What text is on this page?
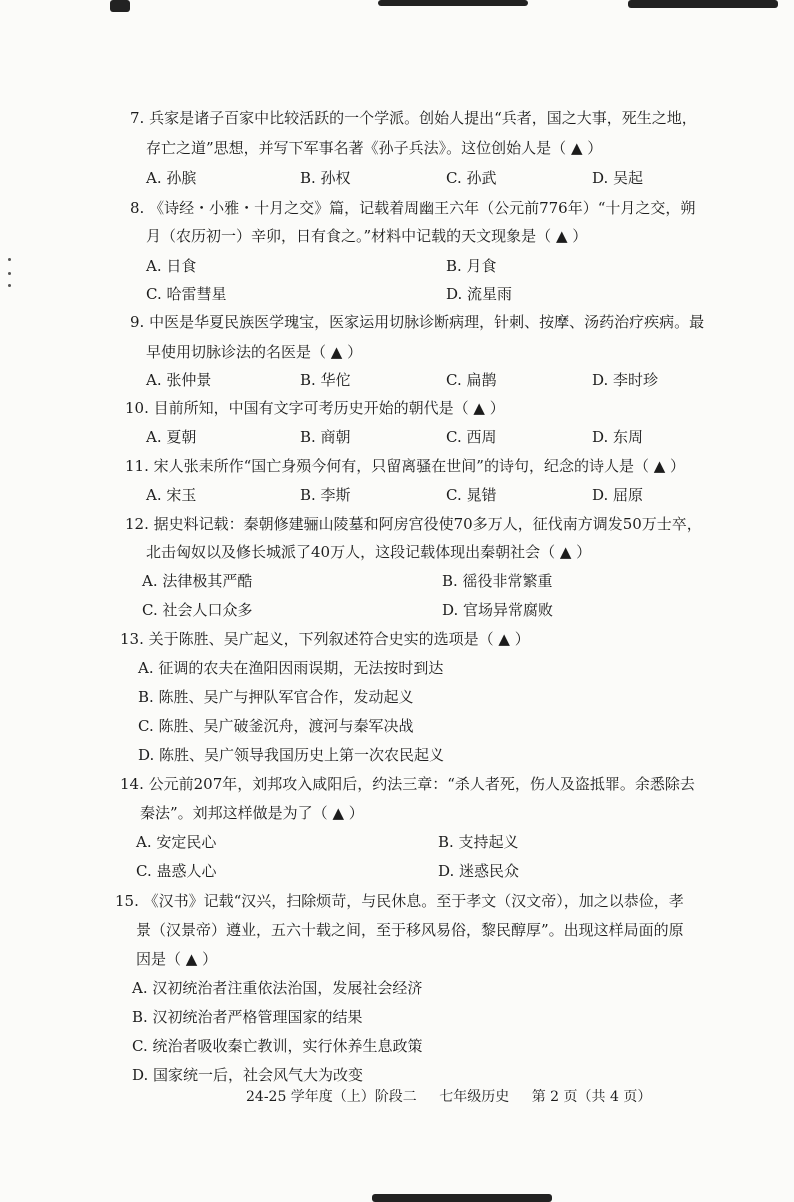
7. 兵家是诸子百家中比较活跃的一个学派。创始人提出“兵者，国之大事，死生之地，
存亡之道”思想，并写下军事名著《孙子兵法》。这位创始人是（ ▲ ）
A. 孙膑	B. 孙权	C. 孙武	D. 吴起
8. 《诗经・小雅・十月之交》篇，记载着周幽王六年（公元前776年）“十月之交，朔
月（农历初一）辛卯，日有食之。”材料中记载的天文现象是（ ▲ ）
A. 日食	B. 月食
C. 哈雷彗星	D. 流星雨
9. 中医是华夏民族医学瑰宝，医家运用切脉诊断病理，针刺、按摩、汤药治疗疾病。最
早使用切脉诊法的名医是（ ▲ ）
A. 张仲景	B. 华佗	C. 扁鹊	D. 李时珍
10. 目前所知，中国有文字可考历史开始的朝代是（ ▲ ）
A. 夏朝	B. 商朝	C. 西周	D. 东周
11. 宋人张耒所作“国亡身殒今何有，只留离骚在世间”的诗句，纪念的诗人是（ ▲ ）
A. 宋玉	B. 李斯	C. 晁错	D. 屈原
12. 据史料记载：秦朝修建骊山陵墓和阿房宫役使70多万人，征伐南方调发50万士卒，
北击匈奴以及修长城派了40万人，这段记载体现出秦朝社会（ ▲ ）
A. 法律极其严酷	B. 徭役非常繁重
C. 社会人口众多	D. 官场异常腐败
13. 关于陈胜、吴广起义，下列叙述符合史实的选项是（ ▲ ）
A. 征调的农夫在渔阳因雨误期，无法按时到达
B. 陈胜、吴广与押队军官合作，发动起义
C. 陈胜、吴广破釜沉舟，渡河与秦军决战
D. 陈胜、吴广领导我国历史上第一次农民起义
14. 公元前207年，刘邦攻入咸阳后，约法三章：“杀人者死，伤人及盗抵罪。余悉除去
秦法”。刘邦这样做是为了（ ▲ ）
A. 安定民心	B. 支持起义
C. 蛊惑人心	D. 迷惑民众
15. 《汉书》记载“汉兴，扫除烦苛，与民休息。至于孝文（汉文帝），加之以恭俭，孝
景（汉景帝）遵业，五六十载之间，至于移风易俗，黎民醇厚”。出现这样局面的原
因是（ ▲ ）
A. 汉初统治者注重依法治国，发展社会经济
B. 汉初统治者严格管理国家的结果
C. 统治者吸收秦亡教训，实行休养生息政策
D. 国家统一后，社会风气大为改变
24-25 学年度（上）阶段二 七年级历史 第 2 页（共 4 页）
